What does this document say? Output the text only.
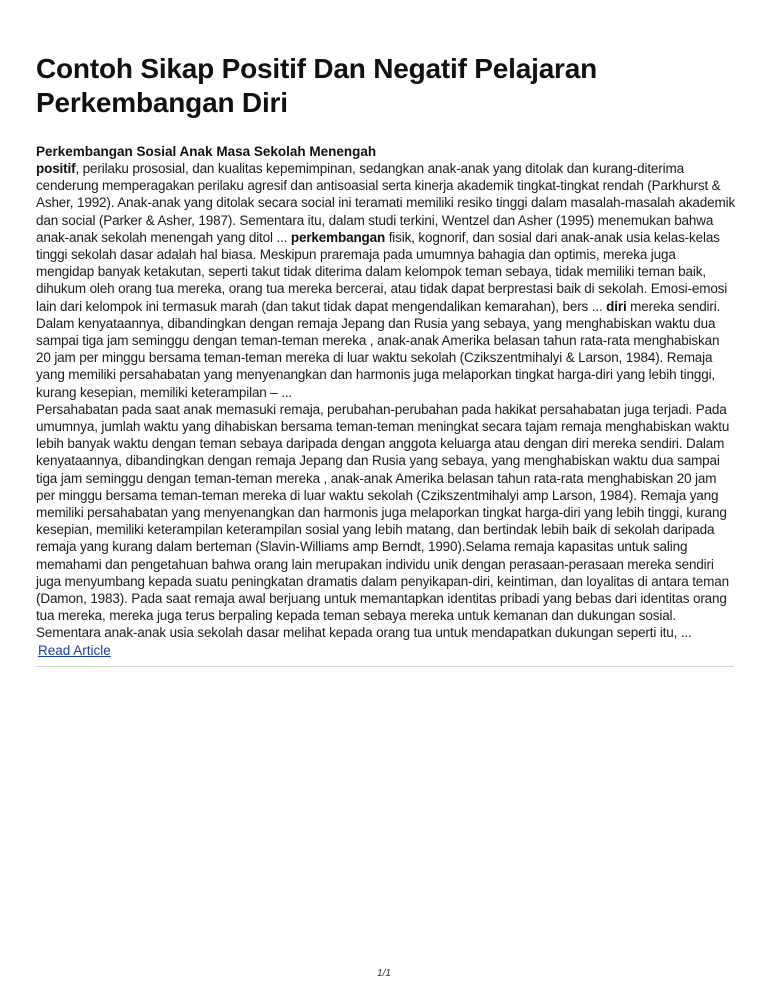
Contoh Sikap Positif Dan Negatif Pelajaran Perkembangan Diri
Perkembangan Sosial Anak Masa Sekolah Menengah

positif, perilaku prososial, dan kualitas kepemimpinan, sedangkan anak-anak yang ditolak dan kurang-diterima cenderung memperagakan perilaku agresif dan antisoasial serta kinerja akademik tingkat-tingkat rendah (Parkhurst & Asher, 1992). Anak-anak yang ditolak secara social ini teramati memiliki resiko tinggi dalam masalah-masalah akademik dan social (Parker & Asher, 1987). Sementara itu, dalam studi terkini, Wentzel dan Asher (1995) menemukan bahwa anak-anak sekolah menengah yang ditol ... perkembangan fisik, kognorif, dan sosial dari anak-anak usia kelas-kelas tinggi sekolah dasar adalah hal biasa. Meskipun praremaja pada umumnya bahagia dan optimis, mereka juga mengidap banyak ketakutan, seperti takut tidak diterima dalam kelompok teman sebaya, tidak memiliki teman baik, dihukum oleh orang tua mereka, orang tua mereka bercerai, atau tidak dapat berprestasi baik di sekolah. Emosi-emosi lain dari kelompok ini termasuk marah (dan takut tidak dapat mengendalikan kemarahan), bers ... diri mereka sendiri. Dalam kenyataannya, dibandingkan dengan remaja Jepang dan Rusia yang sebaya, yang menghabiskan waktu dua sampai tiga jam seminggu dengan teman-teman mereka , anak-anak Amerika belasan tahun rata-rata menghabiskan 20 jam per minggu bersama teman-teman mereka di luar waktu sekolah (Czikszentmihalyi & Larson, 1984). Remaja yang memiliki persahabatan yang menyenangkan dan harmonis juga melaporkan tingkat harga-diri yang lebih tinggi, kurang kesepian, memiliki keterampilan – ...

Persahabatan pada saat anak memasuki remaja, perubahan-perubahan pada hakikat persahabatan juga terjadi. Pada umumnya, jumlah waktu yang dihabiskan bersama teman-teman meningkat secara tajam remaja menghabiskan waktu lebih banyak waktu dengan teman sebaya daripada dengan anggota keluarga atau dengan diri mereka sendiri. Dalam kenyataannya, dibandingkan dengan remaja Jepang dan Rusia yang sebaya, yang menghabiskan waktu dua sampai tiga jam seminggu dengan teman-teman mereka , anak-anak Amerika belasan tahun rata-rata menghabiskan 20 jam per minggu bersama teman-teman mereka di luar waktu sekolah (Czikszentmihalyi amp Larson, 1984). Remaja yang memiliki persahabatan yang menyenangkan dan harmonis juga melaporkan tingkat harga-diri yang lebih tinggi, kurang kesepian, memiliki keterampilan keterampilan sosial yang lebih matang, dan bertindak lebih baik di sekolah daripada remaja yang kurang dalam berteman (Slavin-Williams amp Berndt, 1990).Selama remaja kapasitas untuk saling memahami dan pengetahuan bahwa orang lain merupakan individu unik dengan perasaan-perasaan mereka sendiri juga menyumbang kepada suatu peningkatan dramatis dalam penyikapan-diri, keintiman, dan loyalitas di antara teman (Damon, 1983). Pada saat remaja awal berjuang untuk memantapkan identitas pribadi yang bebas dari identitas orang tua mereka, mereka juga terus berpaling kepada teman sebaya mereka untuk kemanan dan dukungan sosial. Sementara anak-anak usia sekolah dasar melihat kepada orang tua untuk mendapatkan dukungan seperti itu, ...

Read Article
1/1
